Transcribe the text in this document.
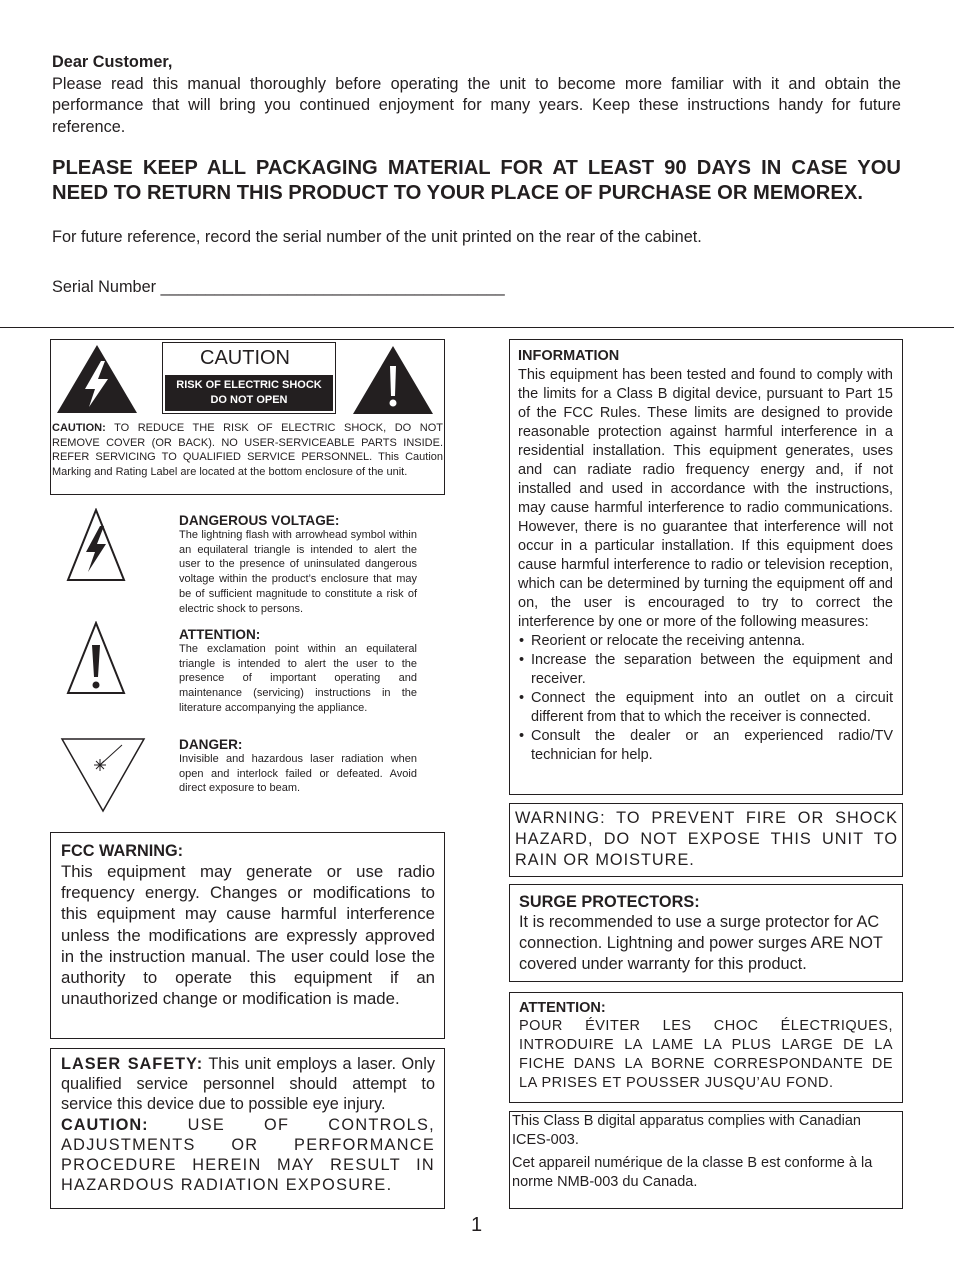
Dear Customer,
Please read this manual thoroughly before operating the unit to become more familiar with it and obtain the performance that will bring you continued enjoyment for many years. Keep these instructions handy for future reference.
PLEASE KEEP ALL PACKAGING MATERIAL FOR AT LEAST 90 DAYS IN CASE YOU NEED TO RETURN THIS PRODUCT TO YOUR PLACE OF PURCHASE OR MEMOREX.
For future reference, record the serial number of the unit printed on the rear of the cabinet.
Serial Number ______________________________________
CAUTION
RISK OF ELECTRIC SHOCK
DO NOT OPEN
CAUTION: TO REDUCE THE RISK OF ELECTRIC SHOCK, DO NOT REMOVE COVER (OR BACK). NO USER-SERVICEABLE PARTS INSIDE. REFER SERVICING TO QUALIFIED SERVICE PERSONNEL. This Caution Marking and Rating Label are located at the bottom enclosure of the unit.
DANGEROUS VOLTAGE:
The lightning flash with arrowhead symbol within an equilateral triangle is intended to alert the user to the presence of uninsulated dangerous voltage within the product’s enclosure that may be of sufficient magnitude to constitute a risk of electric shock to persons.
ATTENTION:
The exclamation point within an equilateral triangle is intended to alert the user to the presence of important operating and maintenance (servicing) instructions in the literature accompanying the appliance.
DANGER:
Invisible and hazardous laser radiation when open and interlock failed or defeated. Avoid direct exposure to beam.
FCC WARNING:
This equipment may generate or use radio frequency energy. Changes or modifications to this equipment may cause harmful interference unless the modifications are expressly approved in the instruction manual. The user could lose the authority to operate this equipment if an unauthorized change or modification is made.

LASER SAFETY: This unit employs a laser. Only qualified service personnel should attempt to service this device due to possible eye injury.

CAUTION: USE OF CONTROLS, ADJUSTMENTS OR PERFORMANCE PROCEDURE HEREIN MAY RESULT IN HAZARDOUS RADIATION EXPOSURE.

INFORMATION
This equipment has been tested and found to comply with the limits for a Class B digital device, pursuant to Part 15 of the FCC Rules. These limits are designed to provide reasonable protection against harmful interference in a residential installation. This equipment generates, uses and can radiate radio frequency energy and, if not installed and used in accordance with the instructions, may cause harmful interference to radio communications. However, there is no guarantee that interference will not occur in a particular installation. If this equipment does cause harmful interference to radio or television reception, which can be determined by turning the equipment off and on, the user is encouraged to try to correct the interference by one or more of the following measures:
• Reorient or relocate the receiving antenna.
• Increase the separation between the equipment and receiver.
• Connect the equipment into an outlet on a circuit different from that to which the receiver is connected.
• Consult the dealer or an experienced radio/TV technician for help.
WARNING: TO PREVENT FIRE OR SHOCK HAZARD, DO NOT EXPOSE THIS UNIT TO RAIN OR MOISTURE.
SURGE PROTECTORS:
It is recommended to use a surge protector for AC connection. Lightning and power surges ARE NOT covered under warranty for this product.
ATTENTION:
POUR ÉVITER LES CHOC ÉLECTRIQUES, INTRODUIRE LA LAME LA PLUS LARGE DE LA FICHE DANS LA BORNE CORRESPONDANTE DE LA PRISES ET POUSSER JUSQU’AU FOND.

This Class B digital apparatus complies with Canadian ICES-003.

Cet appareil numérique de la classe B est conforme à la norme NMB-003 du Canada.

1
